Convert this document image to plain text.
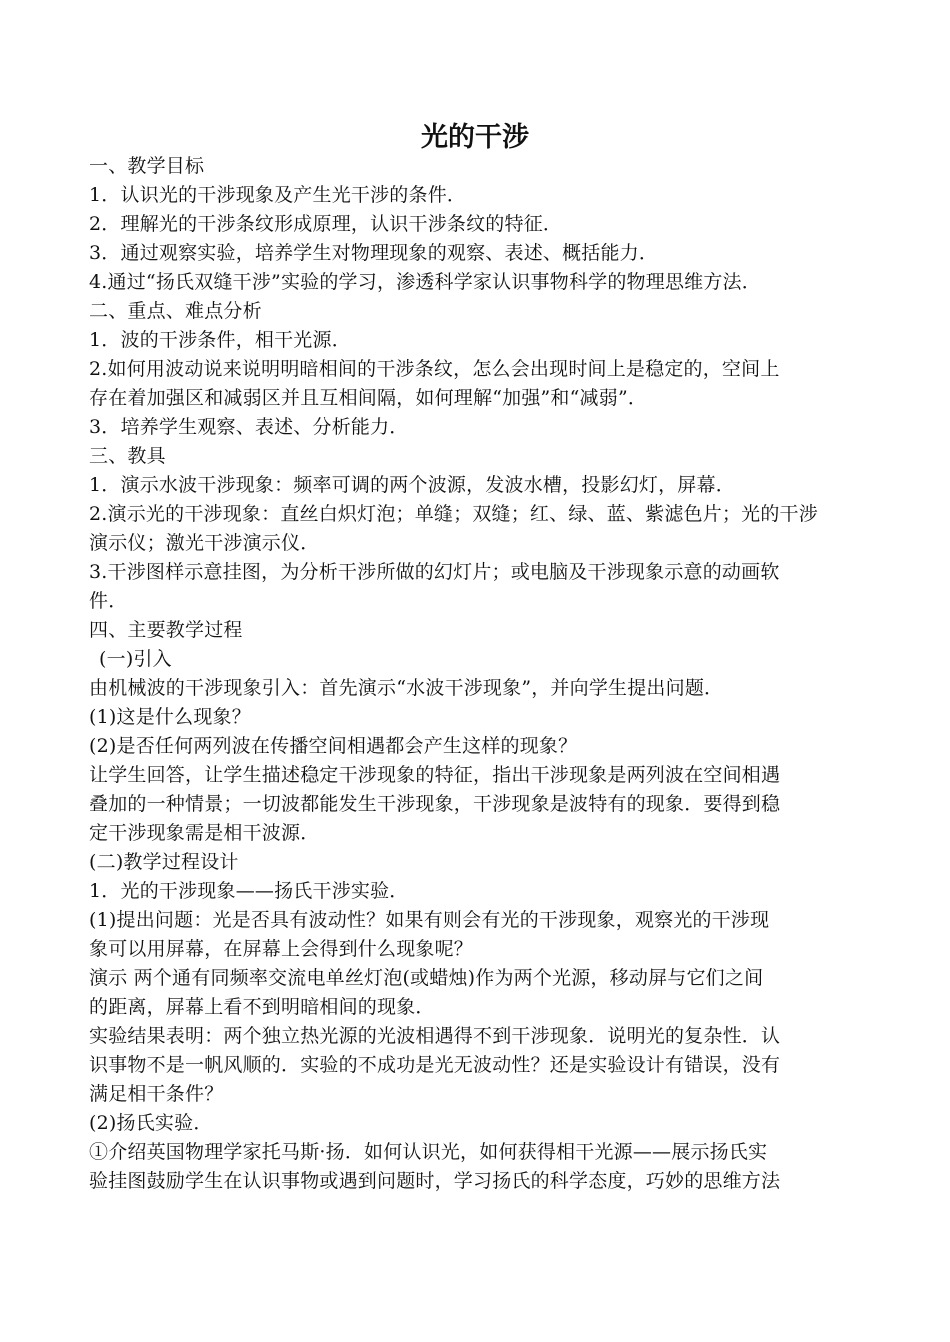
光的干涉

一、教学目标

1．认识光的干涉现象及产生光干涉的条件．

2．理解光的干涉条纹形成原理，认识干涉条纹的特征．

3．通过观察实验，培养学生对物理现象的观察、表述、概括能力．

4.通过“扬氏双缝干涉”实验的学习，渗透科学家认识事物科学的物理思维方法．

二、重点、难点分析

1．波的干涉条件，相干光源．

2.如何用波动说来说明明暗相间的干涉条纹，怎么会出现时间上是稳定的，空间上

存在着加强区和减弱区并且互相间隔，如何理解“加强”和“减弱”．

3．培养学生观察、表述、分析能力．

三、教具

1．演示水波干涉现象：频率可调的两个波源，发波水槽，投影幻灯，屏幕．

2.演示光的干涉现象：直丝白炽灯泡；单缝；双缝；红、绿、蓝、紫滤色片；光的干涉

演示仪；激光干涉演示仪．

3.干涉图样示意挂图，为分析干涉所做的幻灯片；或电脑及干涉现象示意的动画软

件．

四、主要教学过程

(一)引入

由机械波的干涉现象引入：首先演示“水波干涉现象”，并向学生提出问题．

(1)这是什么现象？

(2)是否任何两列波在传播空间相遇都会产生这样的现象？

让学生回答，让学生描述稳定干涉现象的特征，指出干涉现象是两列波在空间相遇

叠加的一种情景；一切波都能发生干涉现象，干涉现象是波特有的现象．要得到稳

定干涉现象需是相干波源．

(二)教学过程设计

1．光的干涉现象——扬氏干涉实验．

(1)提出问题：光是否具有波动性？如果有则会有光的干涉现象，观察光的干涉现

象可以用屏幕，在屏幕上会得到什么现象呢？

演示 两个通有同频率交流电单丝灯泡(或蜡烛)作为两个光源，移动屏与它们之间

的距离，屏幕上看不到明暗相间的现象．

实验结果表明：两个独立热光源的光波相遇得不到干涉现象．说明光的复杂性．认

识事物不是一帆风顺的．实验的不成功是光无波动性？还是实验设计有错误，没有

满足相干条件？

(2)扬氏实验．

①介绍英国物理学家托马斯·扬．如何认识光，如何获得相干光源——展示扬氏实

验挂图鼓励学生在认识事物或遇到问题时，学习扬氏的科学态度，巧妙的思维方法
